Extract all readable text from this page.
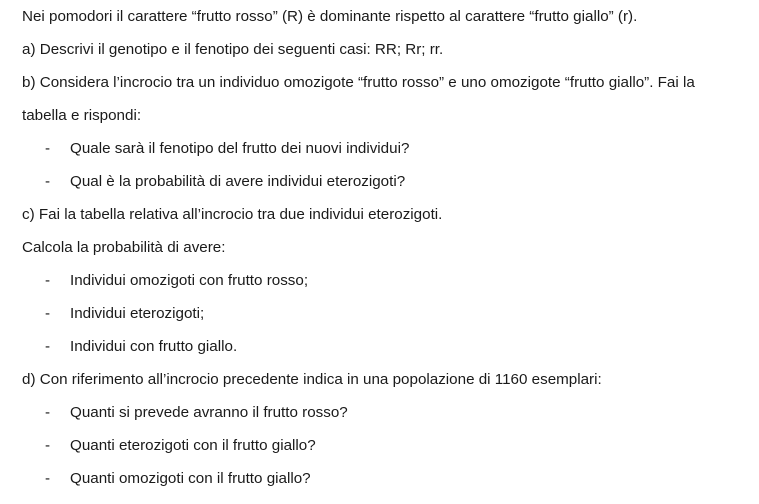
Nei pomodori il carattere “frutto rosso” (R) è dominante rispetto al carattere “frutto giallo” (r).
a) Descrivi il genotipo e il fenotipo dei seguenti casi: RR; Rr; rr.
b) Considera l’incrocio tra un individuo omozigote “frutto rosso” e uno omozigote “frutto giallo”. Fai la
tabella e rispondi:
- Quale sarà il fenotipo del frutto dei nuovi individui?
- Qual è la probabilità di avere individui eterozigoti?
c) Fai la tabella relativa all’incrocio tra due individui eterozigoti.
Calcola la probabilità di avere:
- Individui omozigoti con frutto rosso;
- Individui eterozigoti;
- Individui con frutto giallo.
d) Con riferimento all’incrocio precedente indica in una popolazione di 1160 esemplari:
- Quanti si prevede avranno il frutto rosso?
- Quanti eterozigoti con il frutto giallo?
- Quanti omozigoti con il frutto giallo?
